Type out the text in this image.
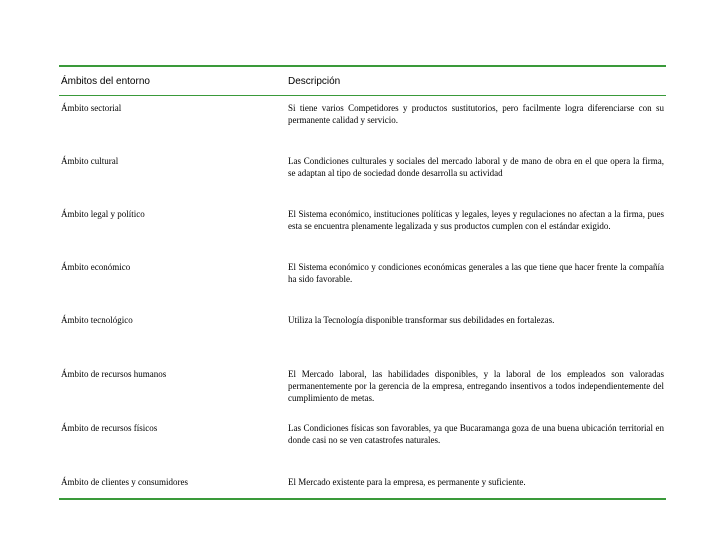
Ámbitos del entorno	Descripción
Ámbito sectorial	Si tiene varios Competidores y productos sustitutorios, pero facilmente logra diferenciarse con su permanente calidad y servicio.
Ámbito cultural	Las Condiciones culturales y sociales del mercado laboral y de mano de obra en el que opera la firma, se adaptan al tipo de sociedad donde desarrolla su actividad
Ámbito legal y político	El Sistema económico, instituciones políticas y legales, leyes y regulaciones no afectan a la firma, pues esta se encuentra plenamente legalizada y sus productos cumplen con el estándar exigido.
Ámbito económico	El Sistema económico y condiciones económicas generales a las que tiene que hacer frente la compañía ha sido favorable.
Ámbito tecnológico	Utiliza la Tecnología disponible transformar sus debilidades en fortalezas.
Ámbito de recursos humanos	El Mercado laboral, las habilidades disponibles, y la laboral de los empleados son valoradas permanentemente por la gerencia de la empresa, entregando insentivos a todos independientemente del cumplimiento de metas.
Ámbito de recursos físicos	Las Condiciones físicas son favorables, ya que Bucaramanga goza de una buena ubicación territorial en donde casi no se ven catastrofes naturales.
Ámbito de clientes y consumidores	El Mercado existente para la empresa, es permanente y suficiente.
